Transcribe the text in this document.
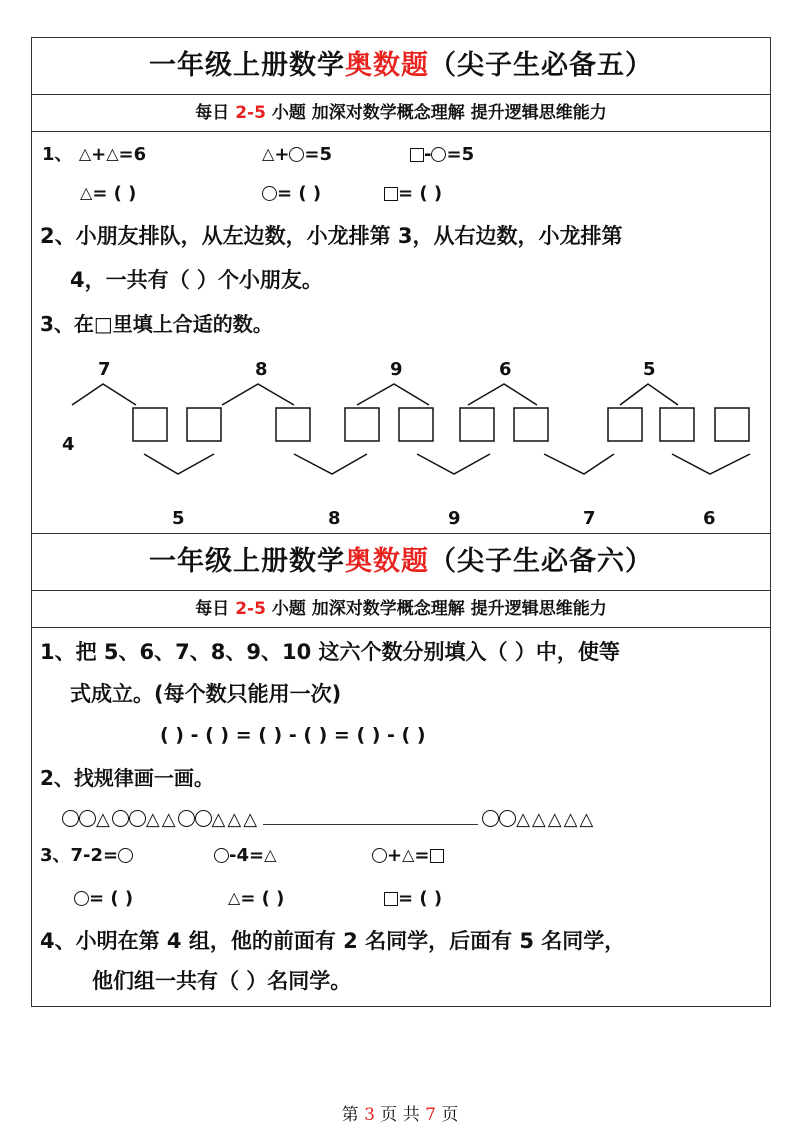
一年级上册数学奥数题（尖子生必备五）
每日 2-5 小题 加深对数学概念理解 提升逻辑思维能力
1、 △+△=6	△+ =5	- =5
△= ( )	= ( )	= ( )
2、小朋友排队，从左边数，小龙排第 3，从右边数，小龙排第
4，一共有（ ）个小朋友。
3、在□里填上合适的数。
7	8	9	6	5
4
5	8	9	7	6
一年级上册数学奥数题（尖子生必备六）
每日 2-5 小题 加深对数学概念理解 提升逻辑思维能力
1、把 5、6、7、8、9、10 这六个数分别填入（ ）中，使等
式成立。(每个数只能用一次)
( ) - ( ) = ( ) - ( ) = ( ) - ( )
2、找规律画一画。
△ △ △ △ △ △	△ △ △ △ △
3、7-2=	-4=△	+△=
= ( )	△= ( )	= ( )
4、小明在第 4 组，他的前面有 2 名同学，后面有 5 名同学，
他们组一共有（ ）名同学。
第 3 页 共 7 页
